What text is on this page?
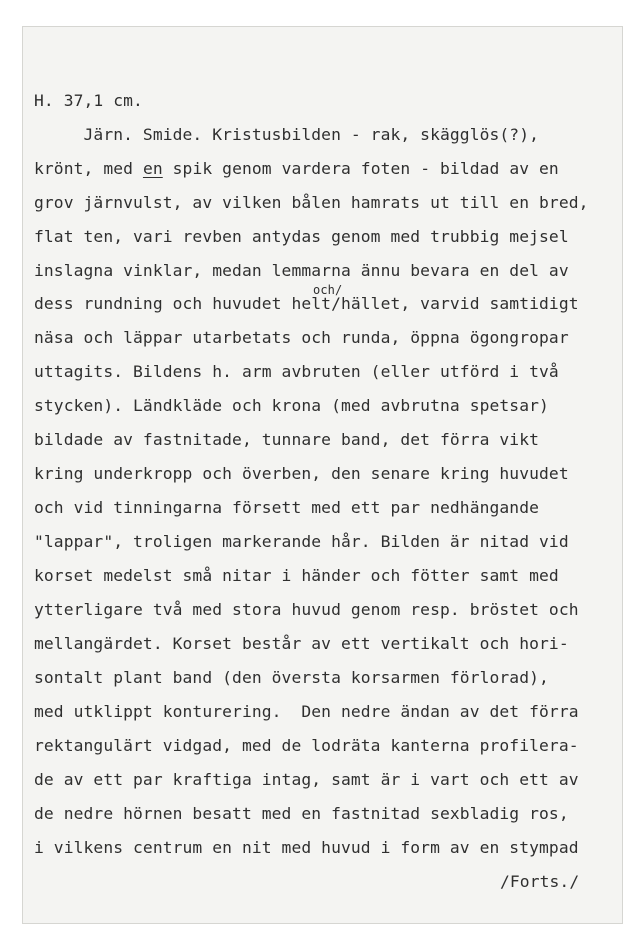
H. 37,1 cm.
Järn. Smide. Kristusbilden - rak, skägglös(?),
krönt, med en spik genom vardera foten - bildad av en
grov järnvulst, av vilken bålen hamrats ut till en bred,
flat ten, vari revben antydas genom med trubbig mejsel
inslagna vinklar, medan lemmarna ännu bevara en del av
och/
dess rundning och huvudet helt/hället, varvid samtidigt
näsa och läppar utarbetats och runda, öppna ögongropar
uttagits. Bildens h. arm avbruten (eller utförd i två
stycken). Ländkläde och krona (med avbrutna spetsar)
bildade av fastnitade, tunnare band, det förra vikt
kring underkropp och överben, den senare kring huvudet
och vid tinningarna försett med ett par nedhängande
"lappar", troligen markerande hår. Bilden är nitad vid
korset medelst små nitar i händer och fötter samt med
ytterligare två med stora huvud genom resp. bröstet och
mellangärdet. Korset består av ett vertikalt och hori-
sontalt plant band (den översta korsarmen förlorad),
med utklippt konturering.  Den nedre ändan av det förra
rektangulärt vidgad, med de lodräta kanterna profilera-
de av ett par kraftiga intag, samt är i vart och ett av
de nedre hörnen besatt med en fastnitad sexbladig ros,
i vilkens centrum en nit med huvud i form av en stympad
/Forts./
